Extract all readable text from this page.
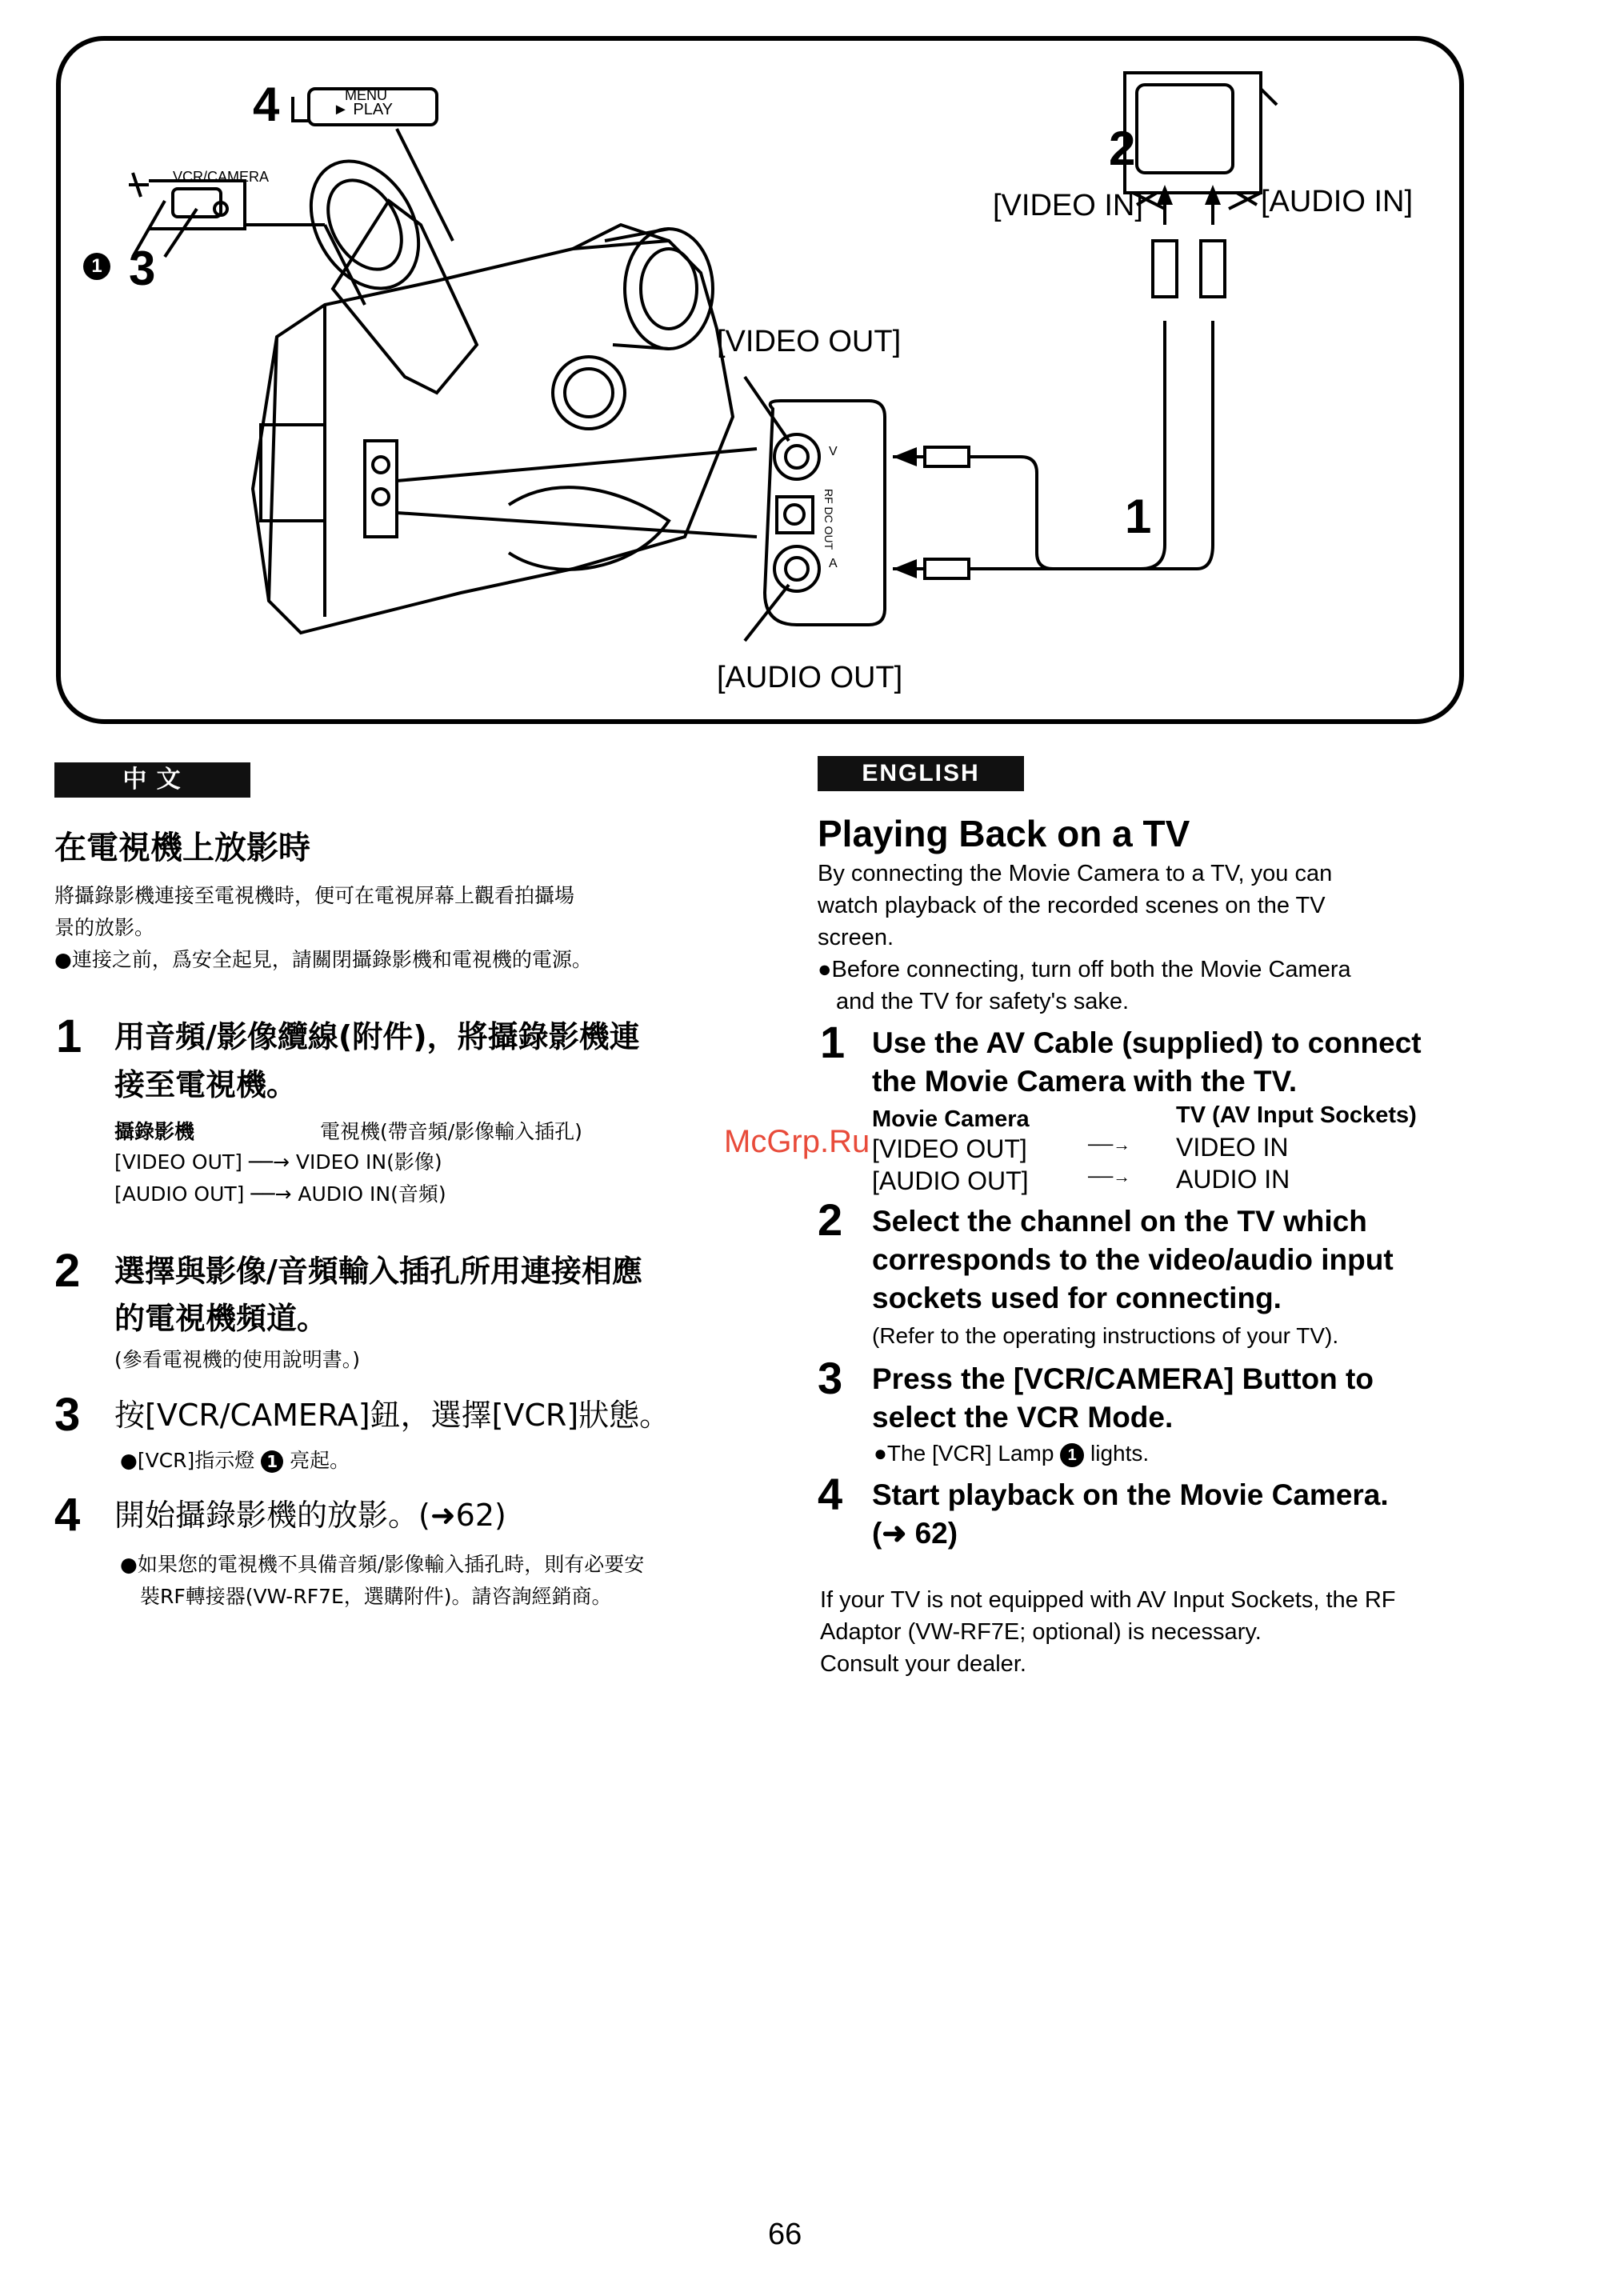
MENU
► PLAY
VCR/CAMERA
4
1 3
2
1
[VIDEO IN]	[AUDIO IN]
[VIDEO OUT]
[AUDIO OUT]
V
A
RF DC OUT
中 文
在電視機上放影時
將攝錄影機連接至電視機時，便可在電視屏幕上觀看拍攝場
景的放影。
●連接之前，爲安全起見，請關閉攝錄影機和電視機的電源。
1 用音頻/影像纜線(附件)，將攝錄影機連
接至電視機。
攝錄影機	電視機(帶音頻/影像輸入插孔)
[VIDEO OUT] ──→ VIDEO IN(影像)
[AUDIO OUT] ──→ AUDIO IN(音頻)
2 選擇與影像/音頻輸入插孔所用連接相應
的電視機頻道。
(參看電視機的使用說明書。)
3 按[VCR/CAMERA]鈕，選擇[VCR]狀態。
●[VCR]指示燈 1 亮起。
4 開始攝錄影機的放影。(➜62)
●如果您的電視機不具備音頻/影像輸入插孔時，則有必要安
裝RF轉接器(VW-RF7E，選購附件)。請咨詢經銷商。
ENGLISH
Playing Back on a TV
By connecting the Movie Camera to a TV, you can
watch playback of the recorded scenes on the TV
screen.
●Before connecting, turn off both the Movie Camera
and the TV for safety's sake.
1 Use the AV Cable (supplied) to connect
the Movie Camera with the TV.
Movie Camera	TV (AV Input Sockets)
[VIDEO OUT]	──→ VIDEO IN
[AUDIO OUT]	──→ AUDIO IN
2 Select the channel on the TV which
corresponds to the video/audio input
sockets used for connecting.
(Refer to the operating instructions of your TV).
3 Press the [VCR/CAMERA] Button to
select the VCR Mode.
●The [VCR] Lamp 1 lights.
4 Start playback on the Movie Camera.
(➜ 62)
If your TV is not equipped with AV Input Sockets, the RF
Adaptor (VW-RF7E; optional) is necessary.
Consult your dealer.
McGrp.Ru
66
